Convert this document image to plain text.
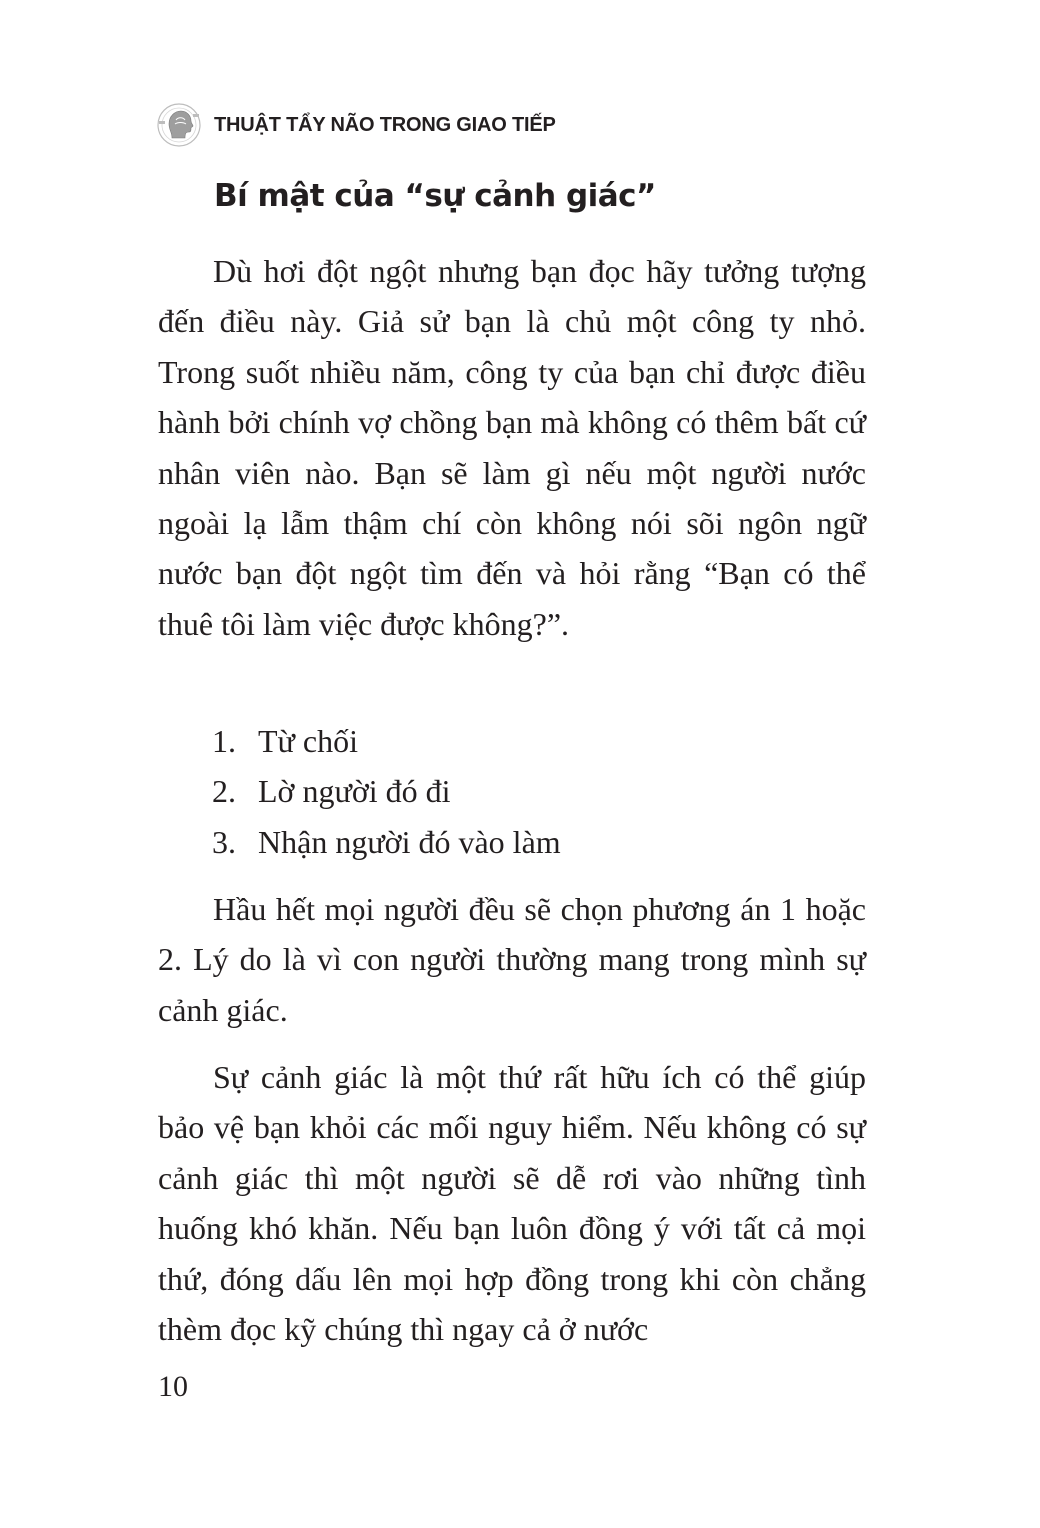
THUẬT TẨY NÃO TRONG GIAO TIẾP
Bí mật của “sự cảnh giác”

Dù hơi đột ngột nhưng bạn đọc hãy tưởng tượng đến điều này. Giả sử bạn là chủ một công ty nhỏ. Trong suốt nhiều năm, công ty của bạn chỉ được điều hành bởi chính vợ chồng bạn mà không có thêm bất cứ nhân viên nào. Bạn sẽ làm gì nếu một người nước ngoài lạ lẫm thậm chí còn không nói sõi ngôn ngữ nước bạn đột ngột tìm đến và hỏi rằng “Bạn có thể thuê tôi làm việc được không?”.

1. Từ chối
2. Lờ người đó đi
3. Nhận người đó vào làm

Hầu hết mọi người đều sẽ chọn phương án 1 hoặc 2. Lý do là vì con người thường mang trong mình sự cảnh giác.

Sự cảnh giác là một thứ rất hữu ích có thể giúp bảo vệ bạn khỏi các mối nguy hiểm. Nếu không có sự cảnh giác thì một người sẽ dễ rơi vào những tình huống khó khăn. Nếu bạn luôn đồng ý với tất cả mọi thứ, đóng dấu lên mọi hợp đồng trong khi còn chẳng thèm đọc kỹ chúng thì ngay cả ở nước

10
